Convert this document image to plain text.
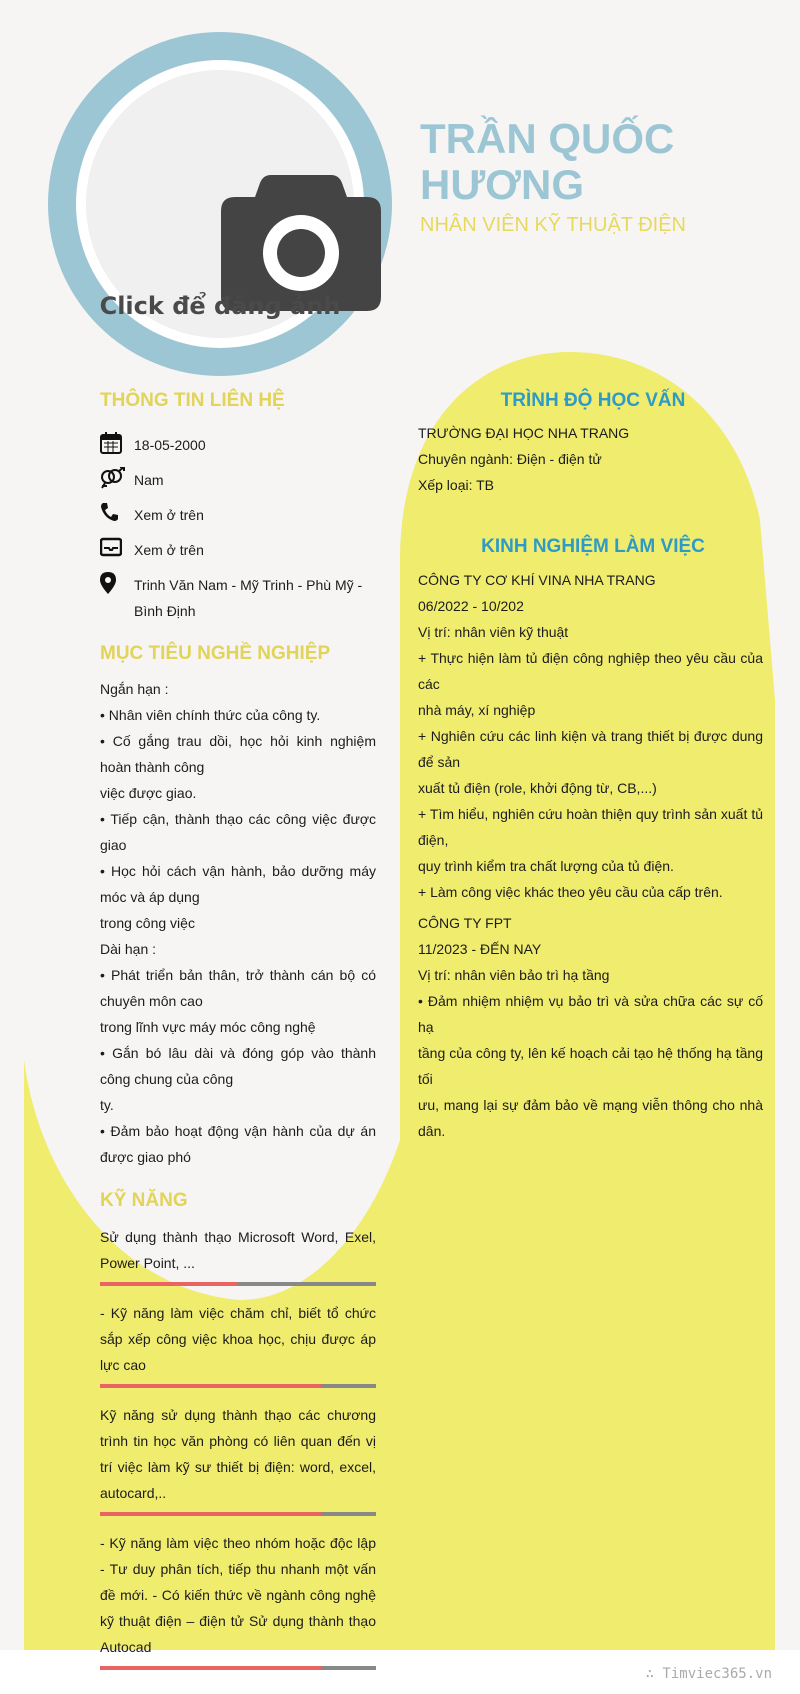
Click để đăng ảnh
TRẦN QUỐC
HƯƠNG
NHÂN VIÊN KỸ THUẬT ĐIỆN
THÔNG TIN LIÊN HỆ
18-05-2000
Nam
Xem ở trên
Xem ở trên
Trinh Văn Nam - Mỹ Trinh - Phù Mỹ - Bình Định
MỤC TIÊU NGHỀ NGHIỆP

Ngắn hạn :

• Nhân viên chính thức của công ty.

• Cố gắng trau dồi, học hỏi kinh nghiệm hoàn thành công

việc được giao.

• Tiếp cận, thành thạo các công việc được giao

• Học hỏi cách vận hành, bảo dưỡng máy móc và áp dụng

trong công việc

Dài hạn :

• Phát triển bản thân, trở thành cán bộ có chuyên môn cao

trong lĩnh vực máy móc công nghệ

• Gắn bó lâu dài và đóng góp vào thành công chung của công

ty.

• Đảm bảo hoạt động vận hành của dự án được giao phó

KỸ NĂNG

Sử dụng thành thạo Microsoft Word, Exel, Power Point, ...

- Kỹ năng làm việc chăm chỉ, biết tổ chức sắp xếp công việc khoa học, chịu được áp lực cao

Kỹ năng sử dụng thành thạo các chương trình tin học văn phòng có liên quan đến vị trí việc làm kỹ sư thiết bị điện: word, excel, autocard,..

- Kỹ năng làm việc theo nhóm hoặc độc lập - Tư duy phân tích, tiếp thu nhanh một vấn đề mới. - Có kiến thức về ngành công nghệ kỹ thuật điện – điện tử Sử dụng thành thạo Autocad

TRÌNH ĐỘ HỌC VẤN

TRƯỜNG ĐẠI HỌC NHA TRANG

Chuyên ngành: Điện - điện tử

Xếp loại: TB

KINH NGHIỆM LÀM VIỆC

CÔNG TY CƠ KHÍ VINA NHA TRANG

06/2022 - 10/202

Vị trí: nhân viên kỹ thuật

+ Thực hiện làm tủ điện công nghiệp theo yêu cầu của các

nhà máy, xí nghiệp

+ Nghiên cứu các linh kiện và trang thiết bị được dung để sản

xuất tủ điện (role, khởi động từ, CB,...)

+ Tìm hiểu, nghiên cứu hoàn thiện quy trình sản xuất tủ điện,

quy trình kiểm tra chất lượng của tủ điện.

+ Làm công việc khác theo yêu cầu của cấp trên.

CÔNG TY FPT

11/2023 - ĐẾN NAY

Vị trí: nhân viên bảo trì hạ tầng

• Đảm nhiệm nhiệm vụ bảo trì và sửa chữa các sự cố hạ

tầng của công ty, lên kế hoạch cải tạo hệ thống hạ tầng tối

ưu, mang lại sự đảm bảo về mạng viễn thông cho nhà dân.

∴ Timviec365.vn
